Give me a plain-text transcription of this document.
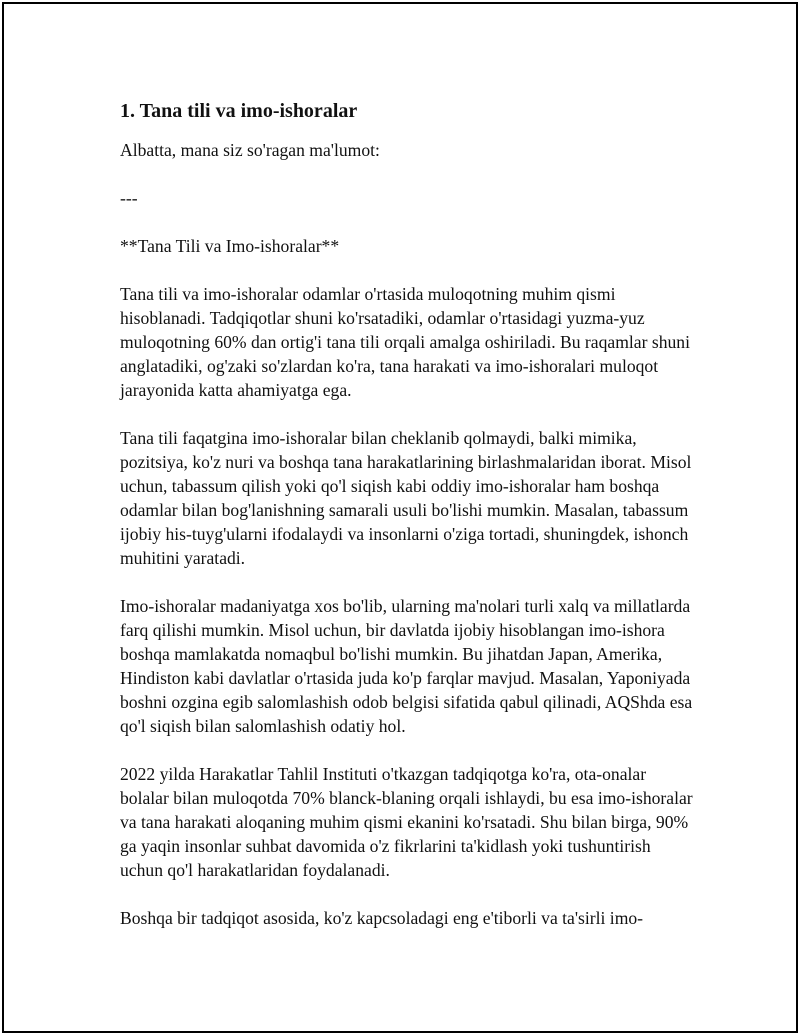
1. Tana tili va imo-ishoralar

Albatta, mana siz so'ragan ma'lumot:

---

**Tana Tili va Imo-ishoralar**

Tana tili va imo-ishoralar odamlar o'rtasida muloqotning muhim qismi hisoblanadi. Tadqiqotlar shuni ko'rsatadiki, odamlar o'rtasidagi yuzma-yuz muloqotning 60% dan ortig'i tana tili orqali amalga oshiriladi. Bu raqamlar shuni anglatadiki, og'zaki so'zlardan ko'ra, tana harakati va imo-ishoralari muloqot jarayonida katta ahamiyatga ega.

Tana tili faqatgina imo-ishoralar bilan cheklanib qolmaydi, balki mimika, pozitsiya, ko'z nuri va boshqa tana harakatlarining birlashmalaridan iborat. Misol uchun, tabassum qilish yoki qo'l siqish kabi oddiy imo-ishoralar ham boshqa odamlar bilan bog'lanishning samarali usuli bo'lishi mumkin. Masalan, tabassum ijobiy his-tuyg'ularni ifodalaydi va insonlarni o'ziga tortadi, shuningdek, ishonch muhitini yaratadi.

Imo-ishoralar madaniyatga xos bo'lib, ularning ma'nolari turli xalq va millatlarda farq qilishi mumkin. Misol uchun, bir davlatda ijobiy hisoblangan imo-ishora boshqa mamlakatda nomaqbul bo'lishi mumkin. Bu jihatdan Japan, Amerika, Hindiston kabi davlatlar o'rtasida juda ko'p farqlar mavjud. Masalan, Yaponiyada boshni ozgina egib salomlashish odob belgisi sifatida qabul qilinadi, AQShda esa qo'l siqish bilan salomlashish odatiy hol.

2022 yilda Harakatlar Tahlil Instituti o'tkazgan tadqiqotga ko'ra, ota-onalar bolalar bilan muloqotda 70% blanck-blaning orqali ishlaydi, bu esa imo-ishoralar va tana harakati aloqaning muhim qismi ekanini ko'rsatadi. Shu bilan birga, 90% ga yaqin insonlar suhbat davomida o'z fikrlarini ta'kidlash yoki tushuntirish uchun qo'l harakatlaridan foydalanadi.

Boshqa bir tadqiqot asosida, ko'z kapcsoladagi eng e'tiborli va ta'sirli imo-
